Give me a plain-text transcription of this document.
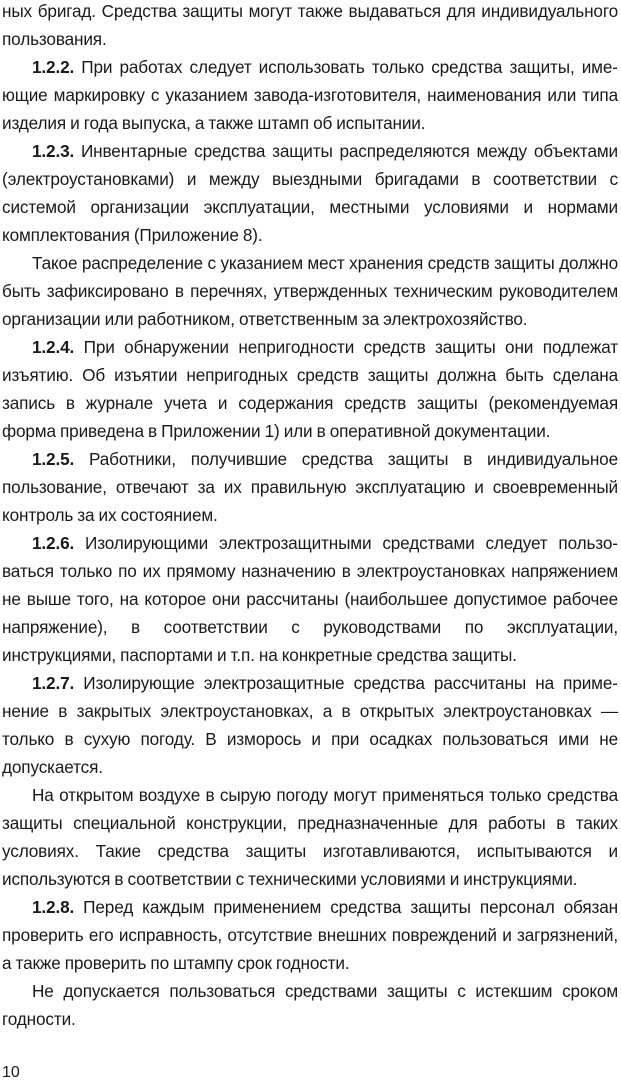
ных бригад. Средства защиты могут также выдаваться для индивидуального пользования.

1.2.2. При работах следует использовать только средства защиты, имеющие маркировку с указанием завода-изготовителя, наименования или типа изделия и года выпуска, а также штамп об испытании.

1.2.3. Инвентарные средства защиты распределяются между объектами (электроустановками) и между выездными бригадами в соответствии с системой организации эксплуатации, местными условиями и нормами комплектования (Приложение 8).

Такое распределение с указанием мест хранения средств защиты должно быть зафиксировано в перечнях, утвержденных техническим руководителем организации или работником, ответственным за электрохозяйство.

1.2.4. При обнаружении непригодности средств защиты они подлежат изъятию. Об изъятии непригодных средств защиты должна быть сделана запись в журнале учета и содержания средств защиты (рекомендуемая форма приведена в Приложении 1) или в оперативной документации.

1.2.5. Работники, получившие средства защиты в индивидуальное пользование, отвечают за их правильную эксплуатацию и своевременный контроль за их состоянием.

1.2.6. Изолирующими электрозащитными средствами следует пользоваться только по их прямому назначению в электроустановках напряжением не выше того, на которое они рассчитаны (наибольшее допустимое рабочее напряжение), в соответствии с руководствами по эксплуатации, инструкциями, паспортами и т.п. на конкретные средства защиты.

1.2.7. Изолирующие электрозащитные средства рассчитаны на применение в закрытых электроустановках, а в открытых электроустановках — только в сухую погоду. В изморось и при осадках пользоваться ими не допускается.

На открытом воздухе в сырую погоду могут применяться только средства защиты специальной конструкции, предназначенные для работы в таких условиях. Такие средства защиты изготавливаются, испытываются и используются в соответствии с техническими условиями и инструкциями.

1.2.8. Перед каждым применением средства защиты персонал обязан проверить его исправность, отсутствие внешних повреждений и загрязнений, а также проверить по штампу срок годности.

Не допускается пользоваться средствами защиты с истекшим сроком годности.

10
